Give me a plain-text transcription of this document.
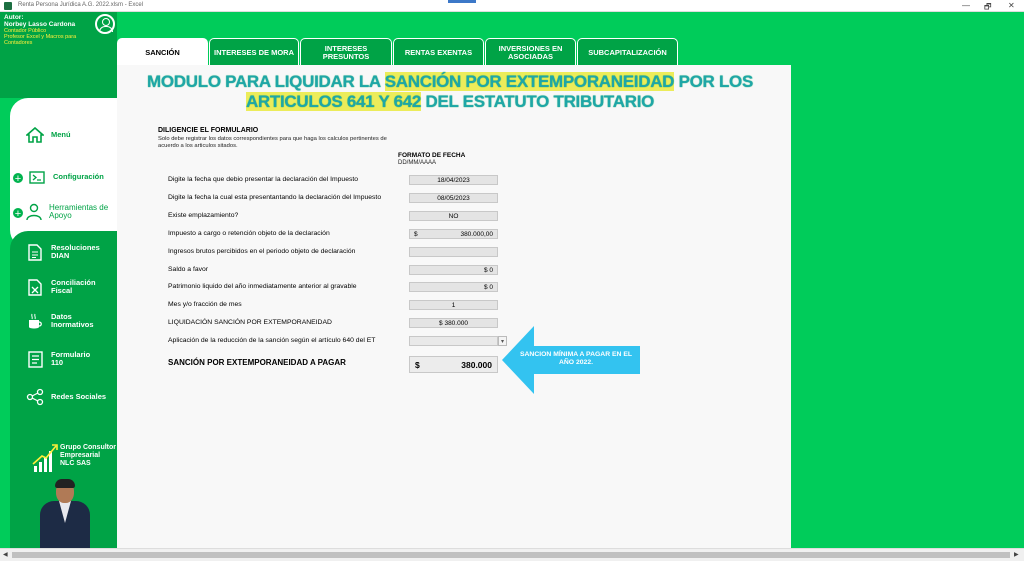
Renta Persona Jurídica A.G. 2022.xlsm - Excel	— 🗗 ✕
Autor:
Norbey Lasso Cardona
Contador Público
Profesor Excel y Macros para Contadores
Menú
+	Configuración
+
Herramientas de Apoyo
Resoluciones DIAN
Conciliación Fiscal
Datos Inormativos
Formulario 110
Redes Sociales
Grupo Consultor Empresarial NLC SAS
SANCIÓN	INTERESES DE MORA	INTERESES PRESUNTOS	RENTAS EXENTAS	INVERSIONES EN ASOCIADAS	SUBCAPITALIZACIÓN
MODULO PARA LIQUIDAR LA SANCIÓN POR EXTEMPORANEIDAD POR LOS ARTICULOS 641 Y 642 DEL ESTATUTO TRIBUTARIO
DILIGENCIE EL FORMULARIO
Solo debe registrar los datos correspondientes para que haga los calculos pertinentes de acuerdo a los articulos sitados.
FORMATO DE FECHA
DD/MM/AAAA
Digite la fecha que debio presentar la declaración del Impuesto	18/04/2023
Digite la fecha la cual esta presentantando la declaración del Impuesto	08/05/2023
Existe emplazamiento?	NO
Impuesto a cargo o retención objeto de la declaración	$	380.000,00
Ingresos brutos percibidos en el periodo objeto de declaración
Saldo a favor	$ 0
Patrimonio liquido del año inmediatamente anterior al gravable	$ 0
Mes y/o fracción de mes	1
LIQUIDACIÓN SANCIÓN POR EXTEMPORANEIDAD	$ 380.000
Aplicación de la reducción de la sanción según el artículo 640 del ET	▾
SANCIÓN POR EXTEMPORANEIDAD A PAGAR	$	380.000
SANCION MÍNIMA A PAGAR EN EL AÑO 2022.
◀	▶
